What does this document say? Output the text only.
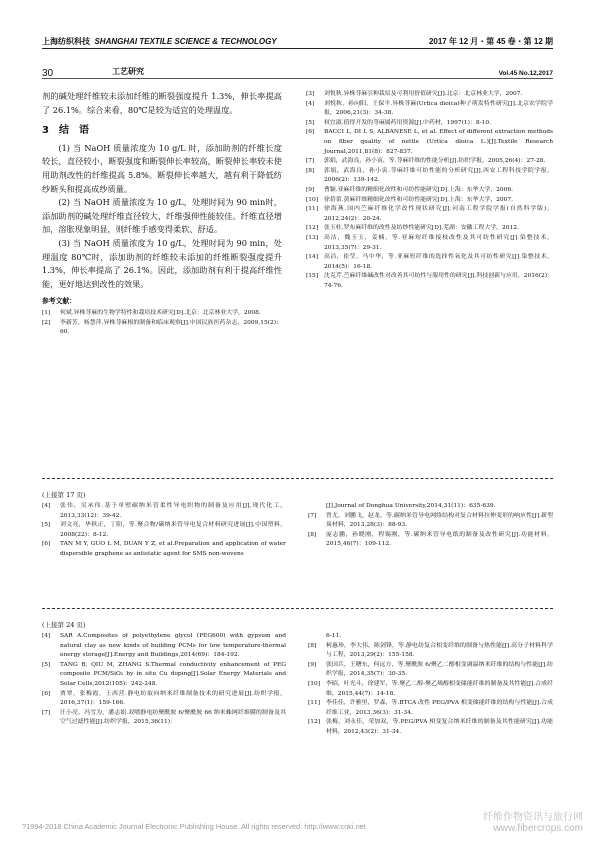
上海纺织科技 SHANGHAI TEXTILE SCIENCE & TECHNOLOGY	2017 年 12 月・第 45 卷・第 12 期
30	工艺研究	Vol.45 No.12,2017

剂的碱处理纤维较未添加纤维的断裂强度提升 1.3%，伸长率提高了 26.1%。综合来看，80℃是较为适宜的处理温度。

3　结　语

(1) 当 NaOH 质量浓度为 10 g/L 时，添加助剂的纤维长度较长，直径较小，断裂强度和断裂伸长率较高，断裂伸长率较未使用助剂改性的纤维提高 5.8%。断裂伸长率越大，越有利于降低纺纱断头和提高成纱质量。

(2) 当 NaOH 质量浓度为 10 g/L，处理时间为 90 min时，添加助剂的碱处理纤维直径较大，纤维强伸性能较佳。纤维直径增加，溶胀现象明显，则纤维手感变得柔软、舒适。

(3) 当 NaOH 质量浓度为 10 g/L，处理时间为 90 min，处理温度 80℃时，添加助剂的纤维较未添加的纤维断裂强度提升 1.3%，伸长率提高了 26.1%。因此，添加助剂有利于提高纤维性能，更好地达到改性的效果。

参考文献：
[1]	何斌.异株荨麻的生物学特性和栽培技术研究[D].北京：北京林业大学，2008.
[2]	李新芳，杨慧萍.异株荨麻根的制备和临床观察[J].中国民族医药杂志，2009,15(2)：60.
[3]	刘悦秋.异株荨麻引种栽培及可利用价值研究[J].北京：北京林业大学，2007.
[4]	刘悦秋，孙向阳，王保平.异株荨麻(Urtica dioica)种子萌发特性研究[J].北京农学院学报，2006,21(3)：34-38.
[5]	权宜淑.值得开发的荨麻属药用资源[J].中药材，1997(1)：8-10.
[6]	BACCI L, DI L S, ALBANESE L, et al. Effect of different extraction methods on fiber quality of nettle (Urtica dioica L.)[J].Textile Research Journal,2011,81(8)：827-837.
[7]	郭娟，武海良，孙小寅，等.荨麻纤维的性能分析[J].纺织学报，2005,26(4)：27-28.
[8]	郭娟，武海良，孙小寅.荨麻纤维可纺性能的分析研究[J].西安工程科技学院学报，2006(2)：139-142.
[9]	曹颖.亚麻纤维的精细化改性和可纺性能研究[D].上海：东华大学，2006.
[10]	徐蓓蕾.黄麻纤维精细化改性和可纺性能研究[D].上海：东华大学，2007.
[11]	徐海燕.国内苎麻纤维化学改性现状研究[J].河南工程学院学报(自然科学版)，2012,24(2)：20-24.
[12]	张玉柱.罗布麻纤维的改性及纺纱性能研究[D].芜湖：安徽工程大学，2012.
[13]	高洁，魏玉玉，姜楠，等.亚麻短纤维接枝改性及其可纺性研究[J].染整技术，2013,35(7)：29-31.
[14]	高洁，崔莹，马中华，等.亚麻短纤维的选择性氧化及其可纺性研究[J].染整技术，2014(5)：16-18.
[15]	沈克芹.苎麻纤维碱改性对改善其可纺性与服用性的研究[J].科技创新与应用，2016(2)：74-76.
(上接第 17 页)
[4]	张伟，吴承伟.基于单壁碳纳米管柔性导电织物的制备及应用[J].现代化工，2013,33(12)：39-42.
[5]	刘文亮，华秋正，丁阳，等.聚合物/碳纳米管导电复合材料研究进展[J].中国塑料，2008(22)：8-12.
[6]	TAN M Y, GUO L M, DUAN Y Z, et al.Preparation and application of water dispersible graphene as antistatic agent for SMS non-wovens
[J].Journal of Donghua University,2014,31(11)：635-639.
[7]	曾尤，刘鹏飞，赵龙，等.碳纳米管导电网络结构对复合材料拉伸变形的响应性[J].新型炭材料，2013,28(3)：88-93.
[8]	庞志鹏，孙晓刚，程锡刚，等.碳纳米管导电纸的制备及改性研究[J].功能材料，2015,46(7)：109-112.
(上接第 24 页)
[4]	SAR A.Composites of polyethylene glycol (PEG600) with gypsum and natural clay as new kinds of building PCMs for low temperature-thermal energy storage[J].Energy and Buildings,2014(69)：184-192.
[5]	TANG B, QIU M, ZHANG S.Thermal conductivity enhancement of PEG composite PCM/SiO₂ by in situ Cu doping[J].Solar Energy Materials and Solar Cells,2012(105)：242-248.
[6]	贾翠，张梅霞，王西营.静电纺取向纳米纤维制备技术的研究进展[J].纺织学报，2016,37(1)：159-166.
[7]	汪小亮，冯雪为，潘志娟.双喷静电纺聚酰胺 6/聚酰胺 66 纳米蛛网纤维膜的制备及其空气过滤性能[J].纺织学报，2015,36(11)：
6-11.
[8]	柯惠珍，李大伟，陈剑锋，等.静电纺复合相变纤维的制备与热性能[J].高分子材料科学与工程，2013,29(2)：155-158.
[9]	张国兵，王曙东，何远方，等.聚酰胺 6/聚乙二醇相变调温纳米纤维的结构与性能[J].纺织学报，2014,35(7)：30-35.
[10]	李昭，叶光斗，徐建军，等.聚乙二醇-聚乙烯醇相变储能纤维的制备及其性能[J].合成纤维，2015,44(7)：14-18.
[11]	李佳佳，许雅里，罗森，等.BTCA 改性 PEG/PVA 相变储能纤维的结构与性能[J].合成纤维工业，2013,36(3)：31-34.
[12]	张梅，刘永佳，荣加双，等.PEG/PVA 相变复合纳米纤维的制备及其性能研究[J].功能材料，2012,43(2)：31-34.
?1994-2018 China Academic Journal Electronic Publishing House. All rights reserved. http://www.cnki.net
纤维作物资讯与旅行网 www.fibercrops.com
